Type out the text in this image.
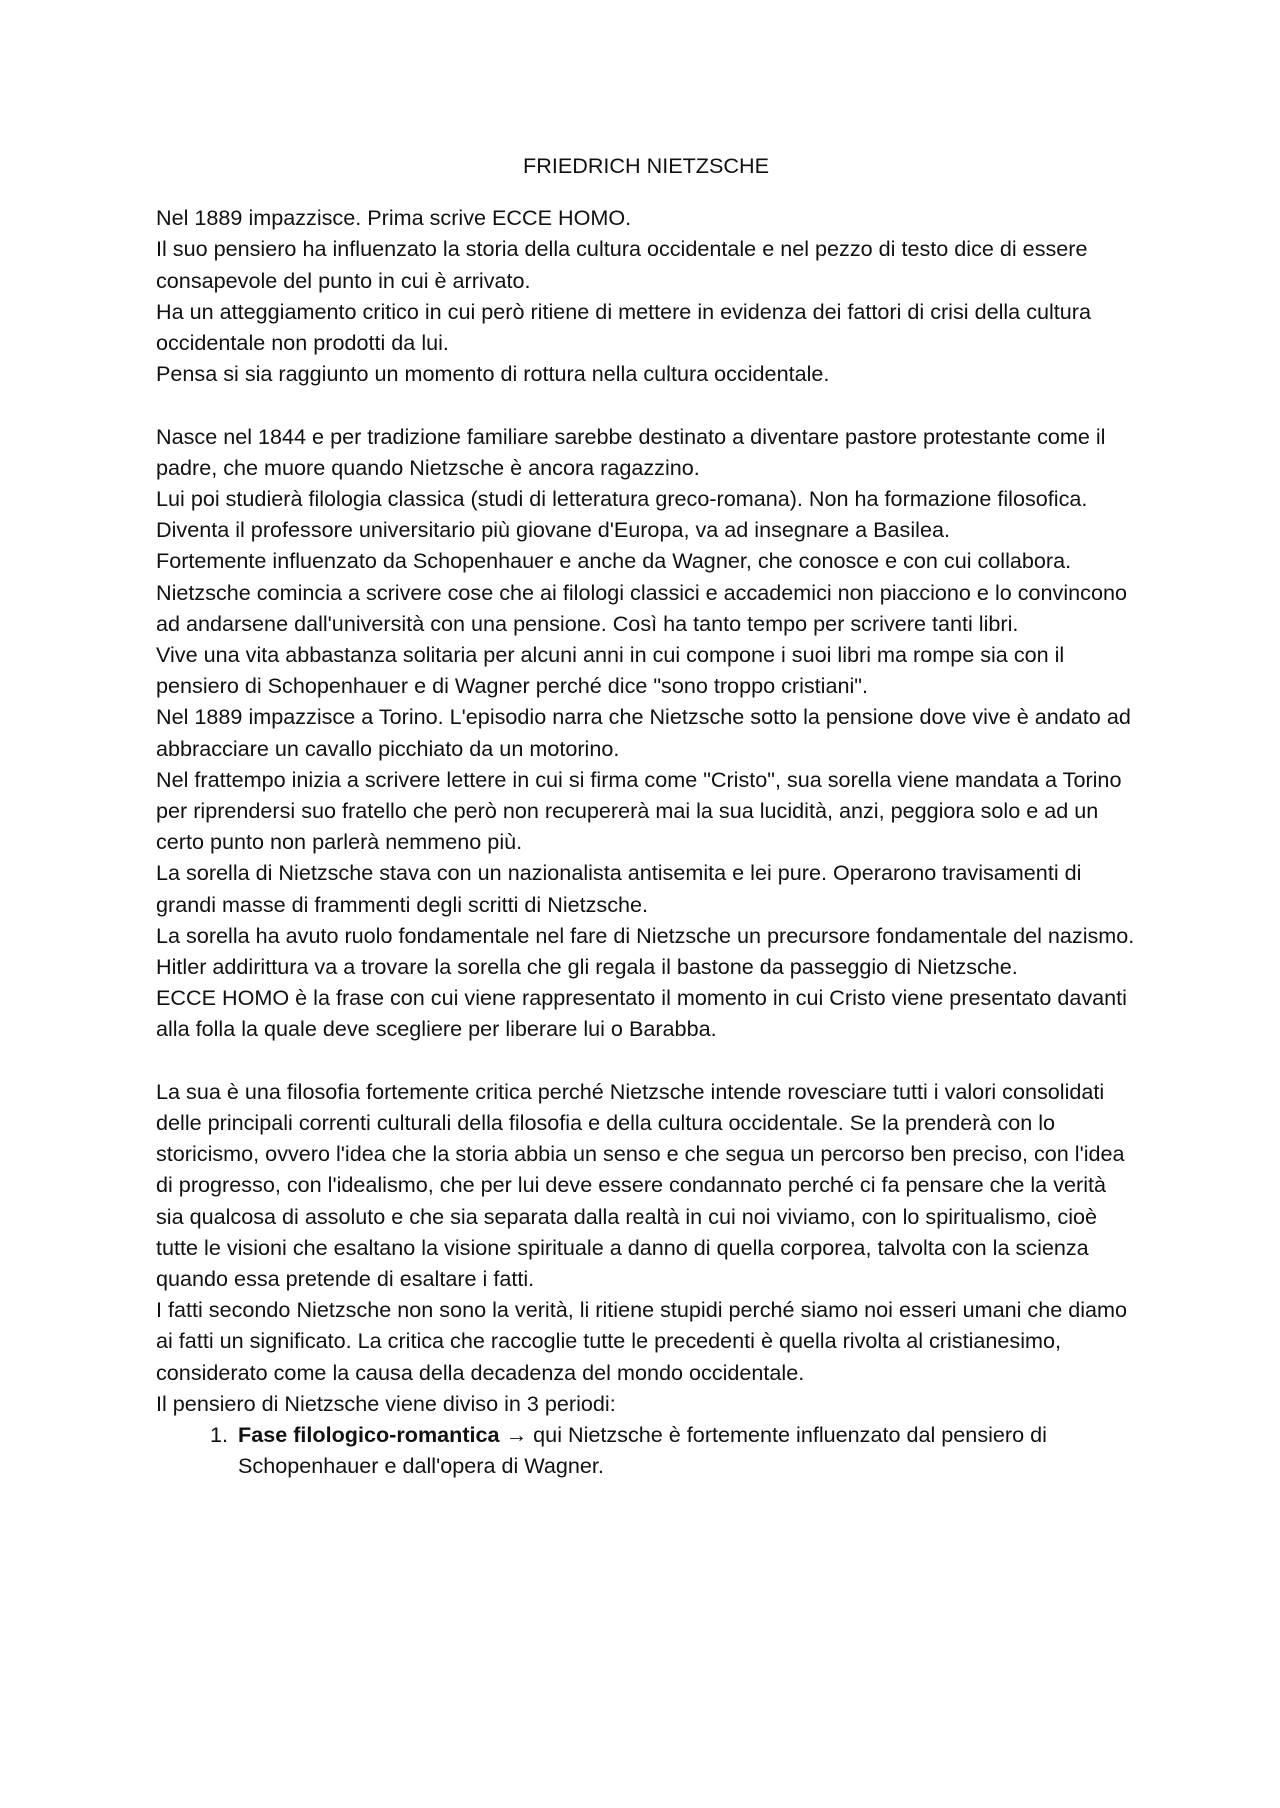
FRIEDRICH NIETZSCHE

Nel 1889 impazzisce. Prima scrive ECCE HOMO.

Il suo pensiero ha influenzato la storia della cultura occidentale e nel pezzo di testo dice di essere consapevole del punto in cui è arrivato.

Ha un atteggiamento critico in cui però ritiene di mettere in evidenza dei fattori di crisi della cultura occidentale non prodotti da lui.

Pensa si sia raggiunto un momento di rottura nella cultura occidentale.

Nasce nel 1844 e per tradizione familiare sarebbe destinato a diventare pastore protestante come il padre, che muore quando Nietzsche è ancora ragazzino.

Lui poi studierà filologia classica (studi di letteratura greco-romana). Non ha formazione filosofica.

Diventa il professore universitario più giovane d'Europa, va ad insegnare a Basilea.

Fortemente influenzato da Schopenhauer e anche da Wagner, che conosce e con cui collabora.

Nietzsche comincia a scrivere cose che ai filologi classici e accademici non piacciono e lo convincono ad andarsene dall'università con una pensione. Così ha tanto tempo per scrivere tanti libri.

Vive una vita abbastanza solitaria per alcuni anni in cui compone i suoi libri ma rompe sia con il pensiero di Schopenhauer e di Wagner perché dice "sono troppo cristiani".

Nel 1889 impazzisce a Torino. L'episodio narra che Nietzsche sotto la pensione dove vive è andato ad abbracciare un cavallo picchiato da un motorino.

Nel frattempo inizia a scrivere lettere in cui si firma come "Cristo", sua sorella viene mandata a Torino per riprendersi suo fratello che però non recupererà mai la sua lucidità, anzi, peggiora solo e ad un certo punto non parlerà nemmeno più.

La sorella di Nietzsche stava con un nazionalista antisemita e lei pure. Operarono travisamenti di grandi masse di frammenti degli scritti di Nietzsche.

La sorella ha avuto ruolo fondamentale nel fare di Nietzsche un precursore fondamentale del nazismo. Hitler addirittura va a trovare la sorella che gli regala il bastone da passeggio di Nietzsche.

ECCE HOMO è la frase con cui viene rappresentato il momento in cui Cristo viene presentato davanti alla folla la quale deve scegliere per liberare lui o Barabba.

La sua è una filosofia fortemente critica perché Nietzsche intende rovesciare tutti i valori consolidati delle principali correnti culturali della filosofia e della cultura occidentale. Se la prenderà con lo storicismo, ovvero l'idea che la storia abbia un senso e che segua un percorso ben preciso, con l'idea di progresso, con l'idealismo, che per lui deve essere condannato perché ci fa pensare che la verità sia qualcosa di assoluto e che sia separata dalla realtà in cui noi viviamo, con lo spiritualismo, cioè tutte le visioni che esaltano la visione spirituale a danno di quella corporea, talvolta con la scienza quando essa pretende di esaltare i fatti.

I fatti secondo Nietzsche non sono la verità, li ritiene stupidi perché siamo noi esseri umani che diamo ai fatti un significato. La critica che raccoglie tutte le precedenti è quella rivolta al cristianesimo, considerato come la causa della decadenza del mondo occidentale.

Il pensiero di Nietzsche viene diviso in 3 periodi:

1. Fase filologico-romantica → qui Nietzsche è fortemente influenzato dal pensiero di Schopenhauer e dall'opera di Wagner.
